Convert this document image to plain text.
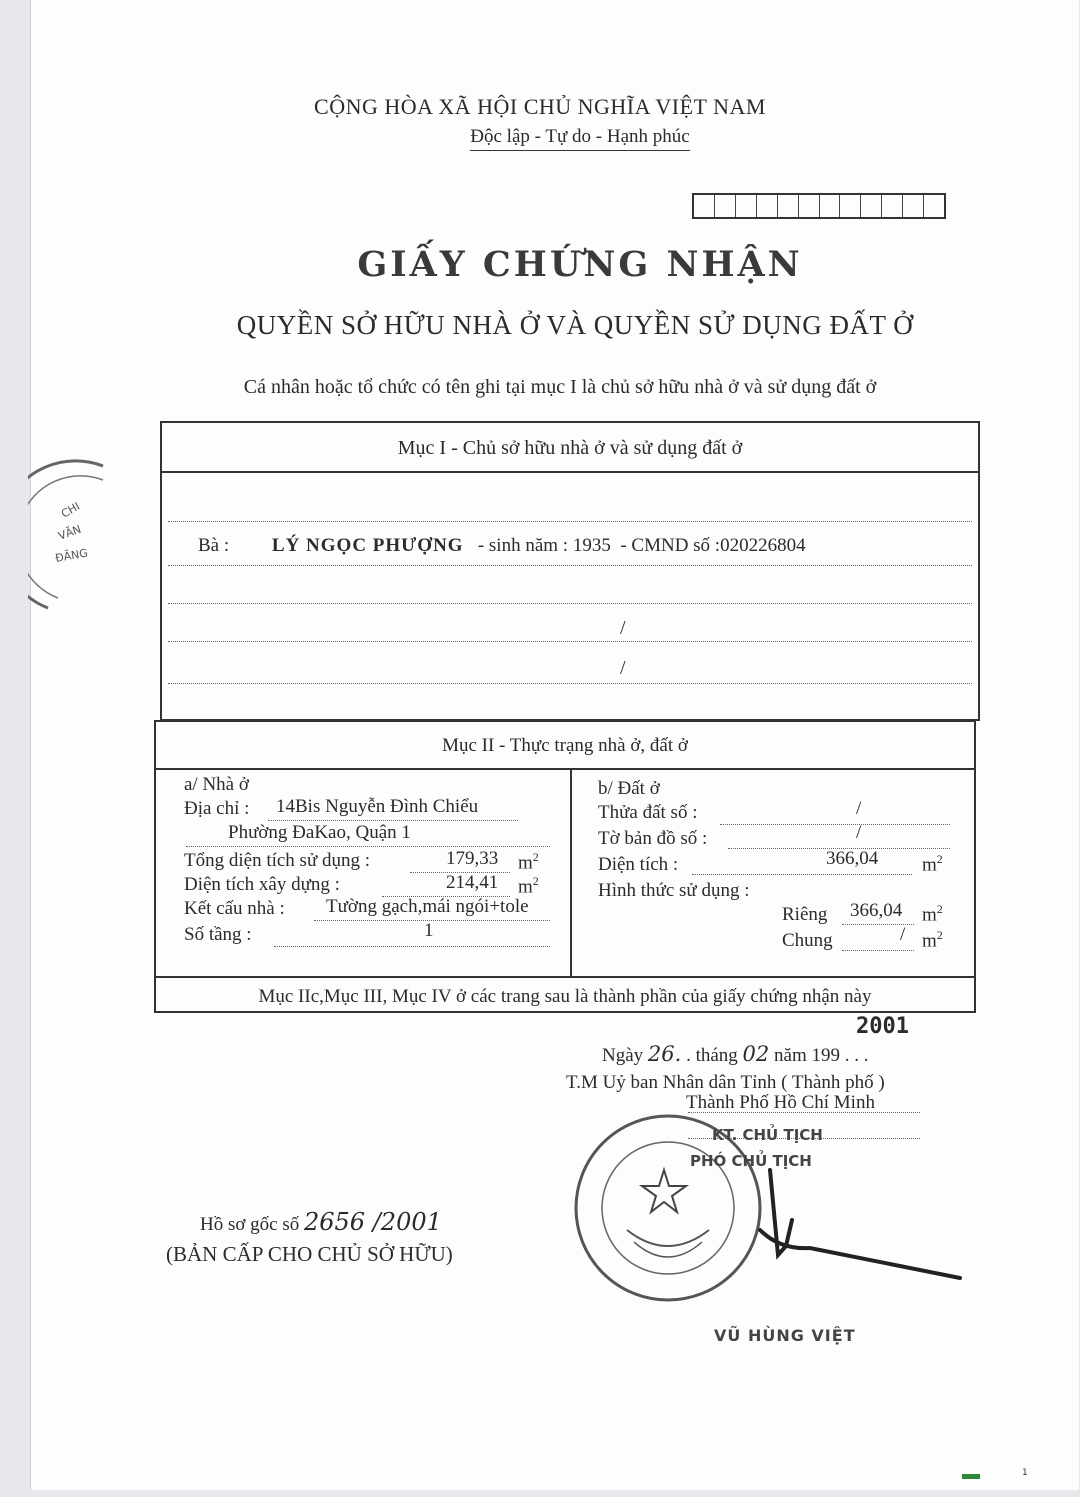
CỘNG HÒA XÃ HỘI CHỦ NGHĨA VIỆT NAM
Độc lập - Tự do - Hạnh phúc
GIẤY CHỨNG NHẬN
QUYỀN SỞ HỮU NHÀ Ở VÀ QUYỀN SỬ DỤNG ĐẤT Ở
Cá nhân hoặc tổ chức có tên ghi tại mục I là chủ sở hữu nhà ở và sử dụng đất ở
CHI
VĂN
ĐĂNG
Mục I - Chủ sở hữu nhà ở và sử dụng đất ở
Bà : LÝ NGỌC PHƯỢNG - sinh năm : 1935 - CMND số :020226804
/
/
Mục II - Thực trạng nhà ở, đất ở
a/ Nhà ở
Địa chỉ : 14Bis Nguyễn Đình Chiểu
Phường ĐaKao, Quận 1
Tổng diện tích sử dụng :	179,33 $m^2$
Diện tích xây dựng :	214,41 $m^2$
Kết cấu nhà : Tường gạch,mái ngói+tole
Số tầng :	1
b/ Đất ở
Thửa đất số :	/
Tờ bản đồ số :	/
Diện tích :	366,04 $m^2$
Hình thức sử dụng :
Riêng 366,04 $m^2$
Chung	/ $m^2$
Mục IIc,Mục III, Mục IV ở các trang sau là thành phần của giấy chứng nhận này
2001
Ngày 26. . tháng 02 năm 199 . . .
T.M Uỷ ban Nhân dân Tỉnh ( Thành phố )
Thành Phố Hồ Chí Minh
KT. CHỦ TỊCH
PHÓ CHỦ TỊCH
VŨ HÙNG VIỆT
Hồ sơ gốc số 2656 /2001
(BẢN CẤP CHO CHỦ SỞ HỮU)
1
